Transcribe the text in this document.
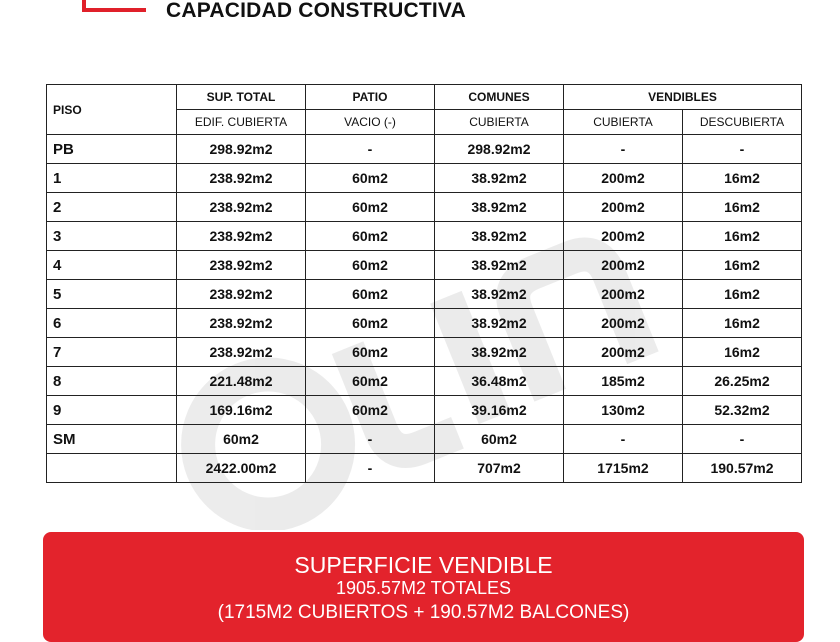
CAPACIDAD CONSTRUCTIVA
PISO	SUP. TOTAL	PATIO	COMUNES	VENDIBLES	
	EDIF. CUBIERTA	VACIO (-)	CUBIERTA	CUBIERTA	DESCUBIERTA
PB	298.92m2	-	298.92m2	-	-
1	238.92m2	60m2	38.92m2	200m2	16m2
2	238.92m2	60m2	38.92m2	200m2	16m2
3	238.92m2	60m2	38.92m2	200m2	16m2
4	238.92m2	60m2	38.92m2	200m2	16m2
5	238.92m2	60m2	38.92m2	200m2	16m2
6	238.92m2	60m2	38.92m2	200m2	16m2
7	238.92m2	60m2	38.92m2	200m2	16m2
8	221.48m2	60m2	36.48m2	185m2	26.25m2
9	169.16m2	60m2	39.16m2	130m2	52.32m2
SM	60m2	-	60m2	-	-
	2422.00m2	-	707m2	1715m2	190.57m2
SUPERFICIE VENDIBLE
1905.57M2 TOTALES
(1715M2 CUBIERTOS + 190.57M2 BALCONES)
